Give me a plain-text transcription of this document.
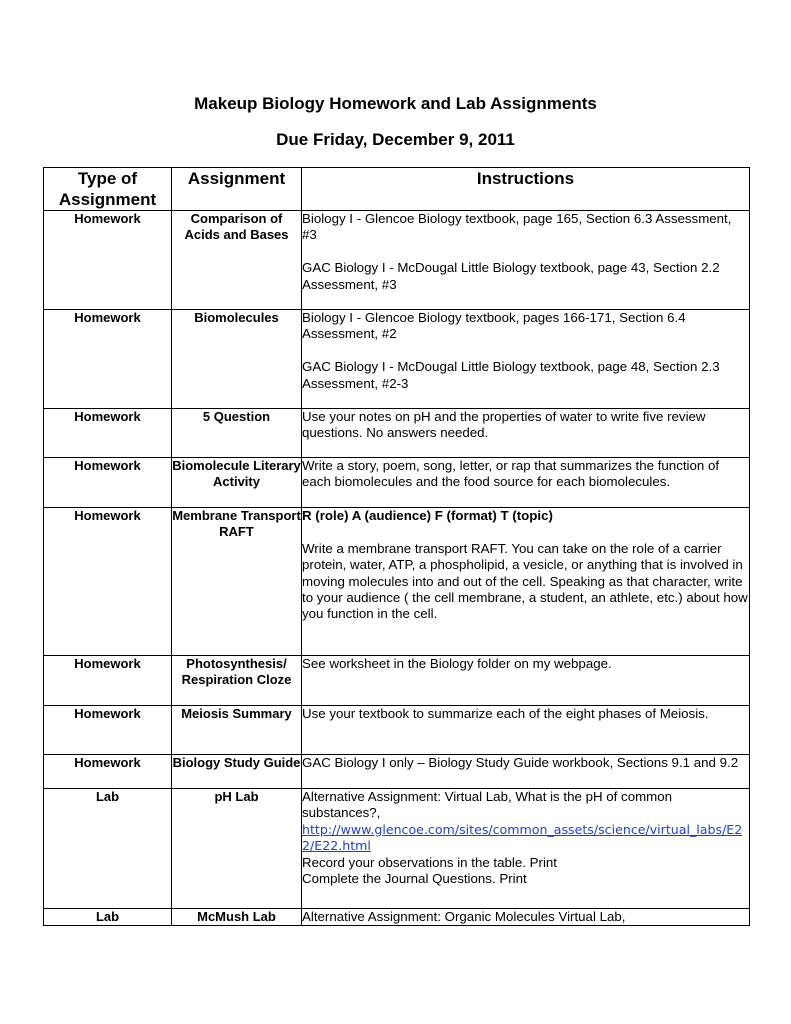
Makeup Biology Homework and Lab Assignments
Due Friday, December 9, 2011
Type of Assignment	Assignment	Instructions
Homework	Comparison of Acids and Bases	Biology I - Glencoe Biology textbook, page 165, Section 6.3 Assessment, #3

GAC Biology I - McDougal Little Biology textbook, page 43, Section 2.2 Assessment, #3

Homework	Biomolecules	Biology I - Glencoe Biology textbook, pages 166-171, Section 6.4 Assessment, #2

GAC Biology I - McDougal Little Biology textbook, page 48, Section 2.3 Assessment, #2-3

Homework	5 Question	Use your notes on pH and the properties of water to write five review questions. No answers needed.

Homework	Biomolecule Literary Activity	Write a story, poem, song, letter, or rap that summarizes the function of each biomolecules and the food source for each biomolecules.

Homework	Membrane Transport RAFT	R (role) A (audience) F (format) T (topic)

Write a membrane transport RAFT. You can take on the role of a carrier protein, water, ATP, a phospholipid, a vesicle, or anything that is involved in moving molecules into and out of the cell. Speaking as that character, write to your audience ( the cell membrane, a student, an athlete, etc.) about how you function in the cell.

Homework	Photosynthesis/ Respiration Cloze	See worksheet in the Biology folder on my webpage.

Homework	Meiosis Summary	Use your textbook to summarize each of the eight phases of Meiosis.

Homework	Biology Study Guide	GAC Biology I only – Biology Study Guide workbook, Sections 9.1 and 9.2

Lab	pH Lab	Alternative Assignment: Virtual Lab, What is the pH of common substances?,

http://www.glencoe.com/sites/common_assets/science/virtual_labs/E22/E22.html

Record your observations in the table. Print

Complete the Journal Questions. Print

Lab	McMush Lab	Alternative Assignment: Organic Molecules Virtual Lab,
